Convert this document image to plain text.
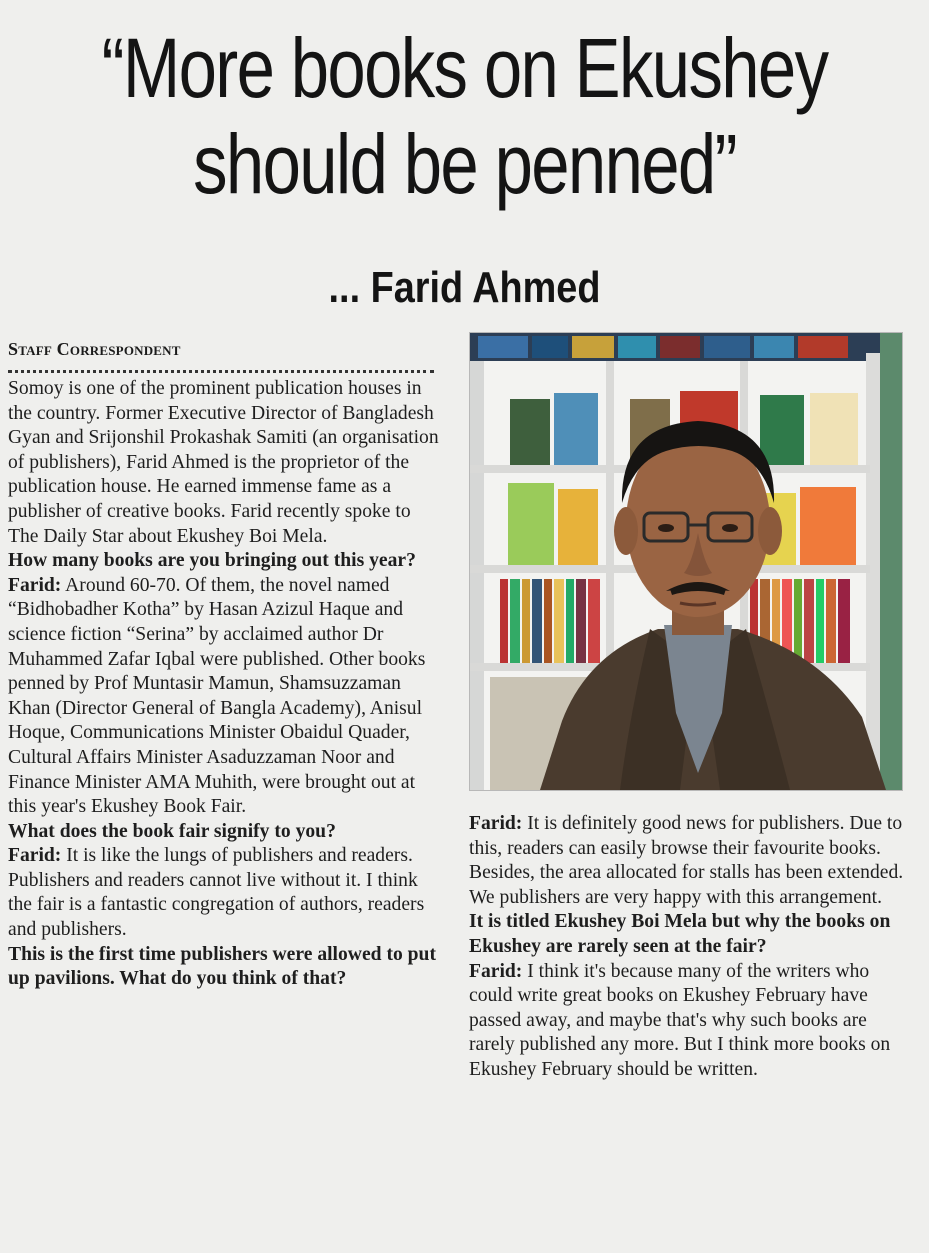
“More books on Ekushey
should be penned”
... Farid Ahmed
Staff Correspondent

Somoy is one of the prominent publication houses in the country. Former Executive Director of Bangladesh Gyan and Srijonshil Prokashak Samiti (an organisation of publishers), Farid Ahmed is the proprietor of the publication house. He earned immense fame as a publisher of creative books. Farid recently spoke to The Daily Star about Ekushey Boi Mela.

How many books are you bringing out this year?

Farid: Around 60-70. Of them, the novel named “Bidhobadher Kotha” by Hasan Azizul Haque and science fiction “Serina” by acclaimed author Dr Muhammed Zafar Iqbal were published. Other books penned by Prof Muntasir Mamun, Shamsuzzaman Khan (Director General of Bangla Academy), Anisul Hoque, Communications Minister Obaidul Quader, Cultural Affairs Minister Asaduzzaman Noor and Finance Minister AMA Muhith, were brought out at this year's Ekushey Book Fair.

What does the book fair signify to you?

Farid: It is like the lungs of publishers and readers. Publishers and readers cannot live without it. I think the fair is a fantastic congregation of authors, readers and publishers.

This is the first time publishers were allowed to put up pavilions. What do you think of that?

Farid: It is definitely good news for publishers. Due to this, readers can easily browse their favourite books. Besides, the area allocated for stalls has been extended. We publishers are very happy with this arrangement.

It is titled Ekushey Boi Mela but why the books on Ekushey are rarely seen at the fair?

Farid: I think it's because many of the writers who could write great books on Ekushey February have passed away, and maybe that's why such books are rarely published any more. But I think more books on Ekushey February should be written.
